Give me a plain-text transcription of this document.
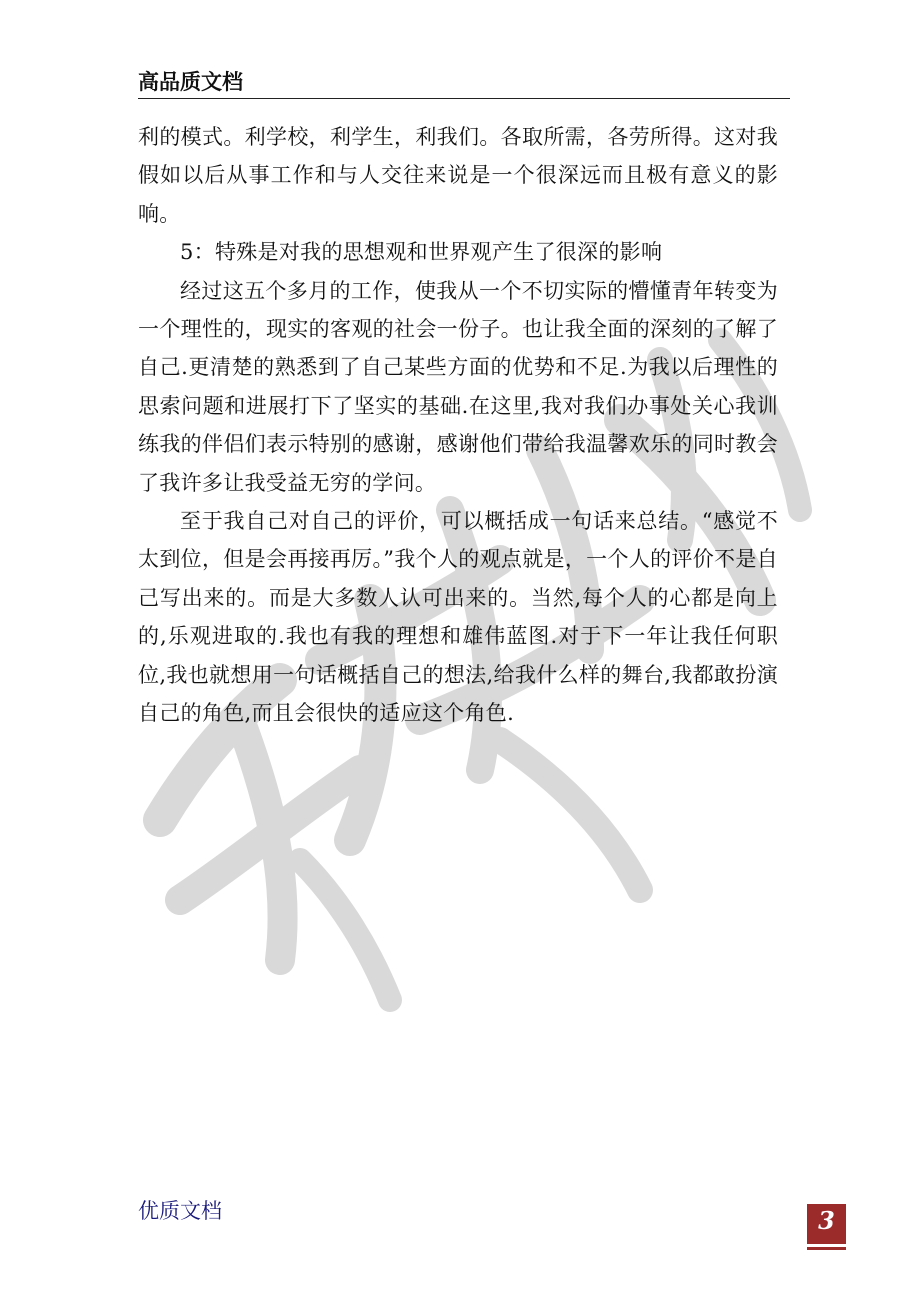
高品质文档

利的模式。利学校，利学生，利我们。各取所需，各劳所得。这对我假如以后从事工作和与人交往来说是一个很深远而且极有意义的影响。

5：特殊是对我的思想观和世界观产生了很深的影响

经过这五个多月的工作，使我从一个不切实际的懵懂青年转变为一个理性的，现实的客观的社会一份子。也让我全面的深刻的了解了自己.更清楚的熟悉到了自己某些方面的优势和不足.为我以后理性的思索问题和进展打下了坚实的基础.在这里,我对我们办事处关心我训练我的伴侣们表示特别的感谢，感谢他们带给我温馨欢乐的同时教会了我许多让我受益无穷的学问。

至于我自己对自己的评价，可以概括成一句话来总结。“感觉不太到位，但是会再接再厉。”我个人的观点就是，一个人的评价不是自己写出来的。而是大多数人认可出来的。当然,每个人的心都是向上的,乐观进取的.我也有我的理想和雄伟蓝图.对于下一年让我任何职位,我也就想用一句话概括自己的想法,给我什么样的舞台,我都敢扮演自己的角色,而且会很快的适应这个角色.

优质文档	3
